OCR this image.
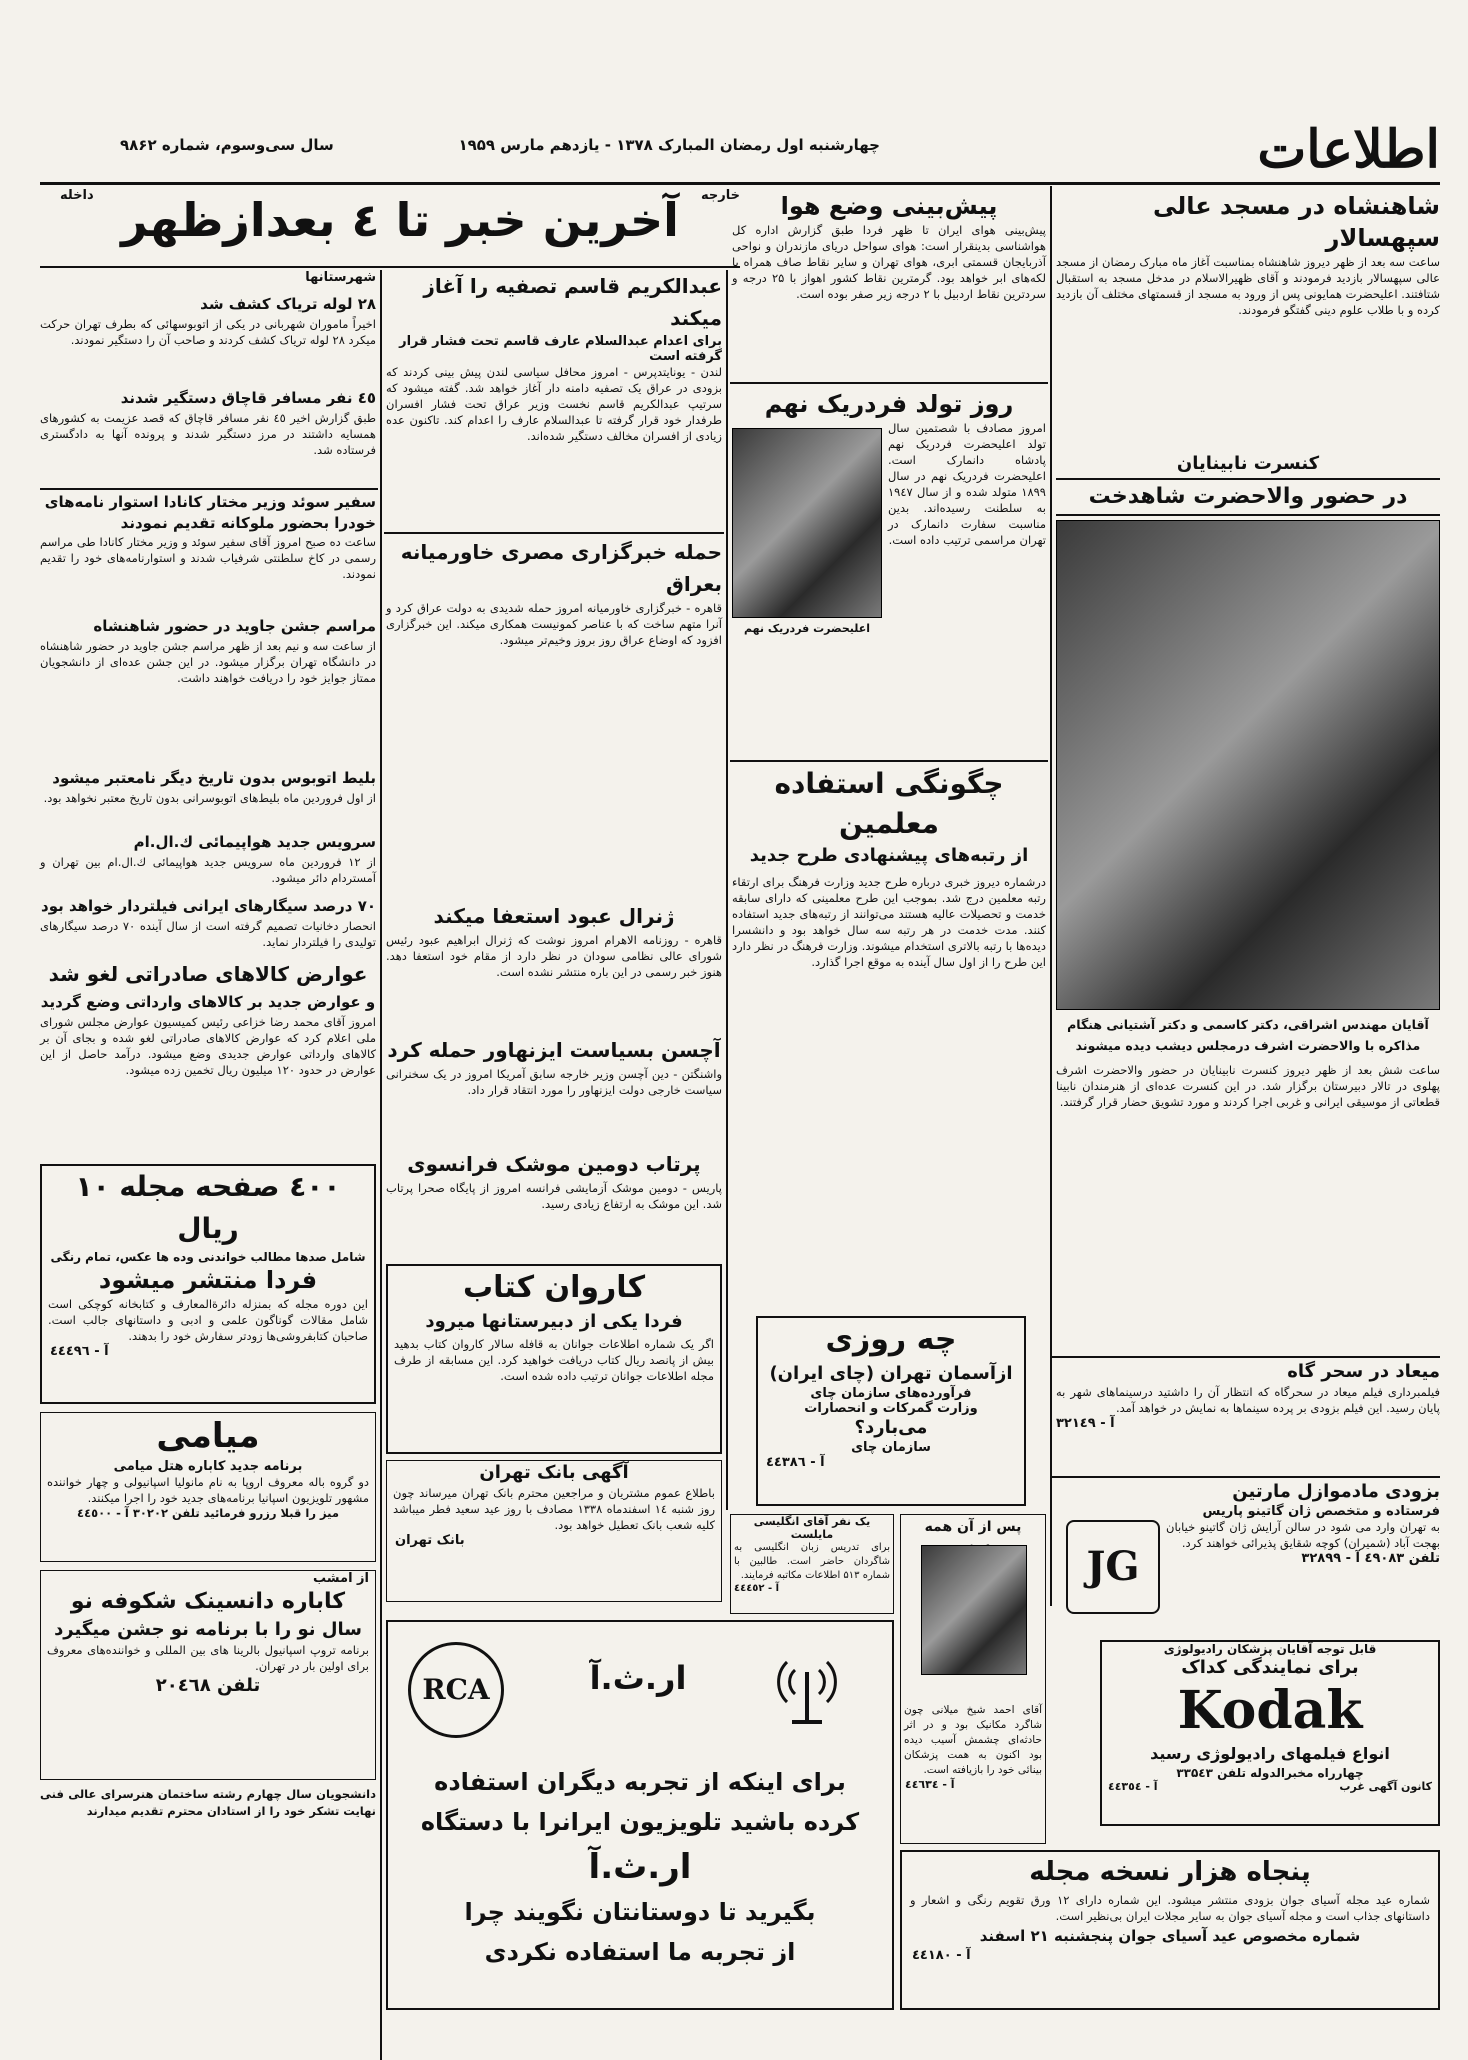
اطلاعات
چهارشنبه اول رمضان المبارک ۱۳۷۸ - یازدهم مارس ۱۹۵۹
سال سی‌وسوم، شماره ۹۸۶۲
شاهنشاه در مسجد عالی سپهسالار
ساعت سه بعد از ظهر دیروز شاهنشاه بمناسبت آغاز ماه مبارک رمضان از مسجد عالی سپهسالار بازدید فرمودند و آقای ظهیرالاسلام در مدخل مسجد به استقبال شتافتند. اعلیحضرت همایونی پس از ورود به مسجد از قسمتهای مختلف آن بازدید کرده و با طلاب علوم دینی گفتگو فرمودند.
کنسرت نابینایان
در حضور والاحضرت شاهدخت
آقایان مهندس اشراقی، دکتر کاسمی و دکتر آشتیانی هنگام مذاکره با والاحضرت اشرف درمجلس دیشب دیده میشوند
ساعت شش بعد از ظهر دیروز کنسرت نابینایان در حضور والاحضرت اشرف پهلوی در تالار دبیرستان برگزار شد. در این کنسرت عده‌ای از هنرمندان نابینا قطعاتی از موسیقی ایرانی و غربی اجرا کردند و مورد تشویق حضار قرار گرفتند.
میعاد در سحر گاه
فیلمبرداری فیلم میعاد در سحرگاه که انتظار آن را داشتید درسینماهای شهر به پایان رسید. این فیلم بزودی بر پرده سینماها به نمایش در خواهد آمد.
آ - ۳۲۱٤۹
بزودی مادموازل مارتین
فرستاده و متخصص ژان گاتینو پاریس
به تهران وارد می شود در سالن آرایش ژان گاتینو خیابان بهجت آباد (شمیران) کوچه شقایق پذیرائی خواهند کرد.
تلفن ٤٩٠٨٣ آ - ٣٢٨٩٩
JG
قابل توجه آقایان پزشکان رادیولوژی
برای نمایندگی کداک
Kodak
انواع فیلمهای رادیولوژی رسید
چهارراه مخبرالدوله تلفن ۳۳۵٤۳
کانون آگهی غرب
آ - ٤٤٣٥٤
خارجه
داخله آخرین خبر تا ٤ بعدازظهر	پیش‌بینی وضع هوا
پیش‌بینی هوای ایران تا ظهر فردا طبق گزارش اداره کل هواشناسی بدینقرار است: هوای سواحل دریای مازندران و نواحی آذربایجان قسمتی ابری، هوای تهران و سایر نقاط صاف همراه با لکه‌های ابر خواهد بود. گرمترین نقاط کشور اهواز با ۲۵ درجه و سردترین نقاط اردبیل با ۲ درجه زیر صفر بوده است.
روز تولد فردریک نهم
امروز مصادف با شصتمین سال تولد اعلیحضرت فردریک نهم پادشاه دانمارک است. اعلیحضرت فردریک نهم در سال ۱۸۹۹ متولد شده و از سال ۱۹٤۷ به سلطنت رسیده‌اند. بدین مناسبت سفارت دانمارک در تهران مراسمی ترتیب داده است.
اعلیحضرت فردریک نهم
چگونگی استفاده معلمین
از رتبه‌های پیشنهادی طرح جدید
درشماره دیروز خبری درباره طرح جدید وزارت فرهنگ برای ارتقاء رتبه معلمین درج شد. بموجب این طرح معلمینی که دارای سابقه خدمت و تحصیلات عالیه هستند می‌توانند از رتبه‌های جدید استفاده کنند. مدت خدمت در هر رتبه سه سال خواهد بود و دانشسرا دیده‌ها با رتبه بالاتری استخدام میشوند. وزارت فرهنگ در نظر دارد این طرح را از اول سال آینده به موقع اجرا گذارد.
چه روزی
ازآسمان تهران (چای ایران)
فرآورده‌های سازمان چای
وزارت گمرکات و انحصارات
می‌بارد؟
سازمان چای
آ - ٤٤٣٨٦
پس از آن همه
آقای احمد شیخ میلانی چون شاگرد مکانیک بود و در اثر حادثه‌ای چشمش آسیب دیده بود اکنون به همت پزشکان بینائی خود را بازیافته است.
آ - ٤٤٦٣٤
عبدالکریم قاسم تصفیه را آغاز میکند
برای اعدام عبدالسلام عارف قاسم تحت فشار قرار گرفته است
لندن - یونایتدپرس - امروز محافل سیاسی لندن پیش بینی کردند که بزودی در عراق یک تصفیه دامنه دار آغاز خواهد شد. گفته میشود که سرتیپ عبدالکریم قاسم نخست وزیر عراق تحت فشار افسران طرفدار خود قرار گرفته تا عبدالسلام عارف را اعدام کند. تاکنون عده زیادی از افسران مخالف دستگیر شده‌اند.
حمله خبرگزاری مصری خاورمیانه بعراق
قاهره - خبرگزاری خاورمیانه امروز حمله شدیدی به دولت عراق کرد و آنرا متهم ساخت که با عناصر کمونیست همکاری میکند. این خبرگزاری افزود که اوضاع عراق روز بروز وخیم‌تر میشود.
ژنرال عبود استعفا میکند
قاهره - روزنامه الاهرام امروز نوشت که ژنرال ابراهیم عبود رئیس شورای عالی نظامی سودان در نظر دارد از مقام خود استعفا دهد. هنوز خبر رسمی در این باره منتشر نشده است.
آچسن بسیاست ایزنهاور حمله کرد
واشنگتن - دین آچسن وزیر خارجه سابق آمریکا امروز در یک سخنرانی سیاست خارجی دولت ایزنهاور را مورد انتقاد قرار داد.
پرتاب دومین موشک فرانسوی
پاریس - دومین موشک آزمایشی فرانسه امروز از پایگاه صحرا پرتاب شد. این موشک به ارتفاع زیادی رسید.
کاروان کتاب
فردا یکی از دبیرستانها میرود
اگر یک شماره اطلاعات جوانان به قافله سالار کاروان کتاب بدهید بیش از پانصد ریال کتاب دریافت خواهید کرد. این مسابقه از طرف مجله اطلاعات جوانان ترتیب داده شده است.
آگهی بانک تهران
باطلاع عموم مشتریان و مراجعین محترم بانک تهران میرساند چون روز شنبه ۱٤ اسفندماه ۱۳۳۸ مصادف با روز عید سعید فطر میباشد کلیه شعب بانک تعطیل خواهد بود.
بانک تهران
یک نفر آقای انگلیسی مایلست
برای تدریس زبان انگلیسی به شاگردان حاضر است. طالبین با شماره ۵۱۳ اطلاعات مکاتبه فرمایند.
آ - ٤٤٤٥٢
RCA	ار.ث.آ
برای اینکه از تجربه دیگران استفاده
کرده باشید تلویزیون ایرانرا با دستگاه
ار.ث.آ
بگیرید تا دوستانتان نگویند چرا
از تجربه ما استفاده نکردی
پنجاه هزار نسخه مجله
شماره عید مجله آسیای جوان بزودی منتشر میشود. این شماره دارای ۱۲ ورق تقویم رنگی و اشعار و داستانهای جذاب است و مجله آسیای جوان به سایر مجلات ایران بی‌نظیر است.
شماره مخصوص عید آسیای جوان پنجشنبه ۲۱ اسفند
آ - ٤٤١٨٠
شهرستانها
۲۸ لوله تریاک کشف شد
اخیراً ماموران شهربانی در یکی از اتوبوسهائی که بطرف تهران حرکت میکرد ۲۸ لوله تریاک کشف کردند و صاحب آن را دستگیر نمودند.
٤٥ نفر مسافر قاچاق دستگیر شدند
طبق گزارش اخیر ٤٥ نفر مسافر قاچاق که قصد عزیمت به کشورهای همسایه داشتند در مرز دستگیر شدند و پرونده آنها به دادگستری فرستاده شد.
سفیر سوئد وزیر مختار کانادا استوار نامه‌های خودرا بحضور ملوکانه تقدیم نمودند
ساعت ده صبح امروز آقای سفیر سوئد و وزیر مختار کانادا طی مراسم رسمی در کاخ سلطنتی شرفیاب شدند و استوارنامه‌های خود را تقدیم نمودند.
مراسم جشن جاوید در حضور شاهنشاه
از ساعت سه و نیم بعد از ظهر مراسم جشن جاوید در حضور شاهنشاه در دانشگاه تهران برگزار میشود. در این جشن عده‌ای از دانشجویان ممتاز جوایز خود را دریافت خواهند داشت.
بلیط اتوبوس بدون تاریخ دیگر نامعتبر میشود
از اول فروردین ماه بلیط‌های اتوبوسرانی بدون تاریخ معتبر نخواهد بود.
سرویس جدید هواپیمائی ك.ال.ام
از ۱۲ فروردین ماه سرویس جدید هواپیمائی ك.ال.ام بین تهران و آمستردام دائر میشود.
۷۰ درصد سیگارهای ایرانی فیلتردار خواهد بود
انحصار دخانیات تصمیم گرفته است از سال آینده ۷۰ درصد سیگارهای تولیدی را فیلتردار نماید.
عوارض کالاهای صادراتی لغو شد
و عوارض جدید بر کالاهای وارداتی وضع گردید
امروز آقای محمد رضا خزاعی رئیس کمیسیون عوارض مجلس شورای ملی اعلام کرد که عوارض کالاهای صادراتی لغو شده و بجای آن بر کالاهای وارداتی عوارض جدیدی وضع میشود. درآمد حاصل از این عوارض در حدود ۱۲۰ میلیون ریال تخمین زده میشود.
٤٠٠ صفحه مجله ١٠ ریال
شامل صدها مطالب خواندنی وده ها عکس، تمام رنگی
فردا منتشر میشود
این دوره مجله که بمنزله دائرةالمعارف و کتابخانه کوچکی است شامل مقالات گوناگون علمی و ادبی و داستانهای جالب است. صاحبان کتابفروشی‌ها زودتر سفارش خود را بدهند.
آ - ٤٤٤٩٦
میامی
برنامه جدید کاباره هتل میامی
دو گروه باله معروف اروپا به نام مانولیا اسپانیولی و چهار خواننده مشهور تلویزیون اسپانیا برنامه‌های جدید خود را اجرا میکنند.
میز را قبلا رزرو فرمائید تلفن ۳۰۲۰۲ آ - ٤٤٥٠٠
از امشب
کاباره دانسینک شکوفه نو
سال نو را با برنامه نو جشن میگیرد
برنامه تروپ اسپانیول بالرینا های بین المللی و خواننده‌های معروف برای اولین بار در تهران.
تلفن ۲۰٤٦۸
دانشجویان سال چهارم رشته ساختمان هنرسرای عالی فنی نهایت تشکر خود را از استادان محترم تقدیم میدارند
